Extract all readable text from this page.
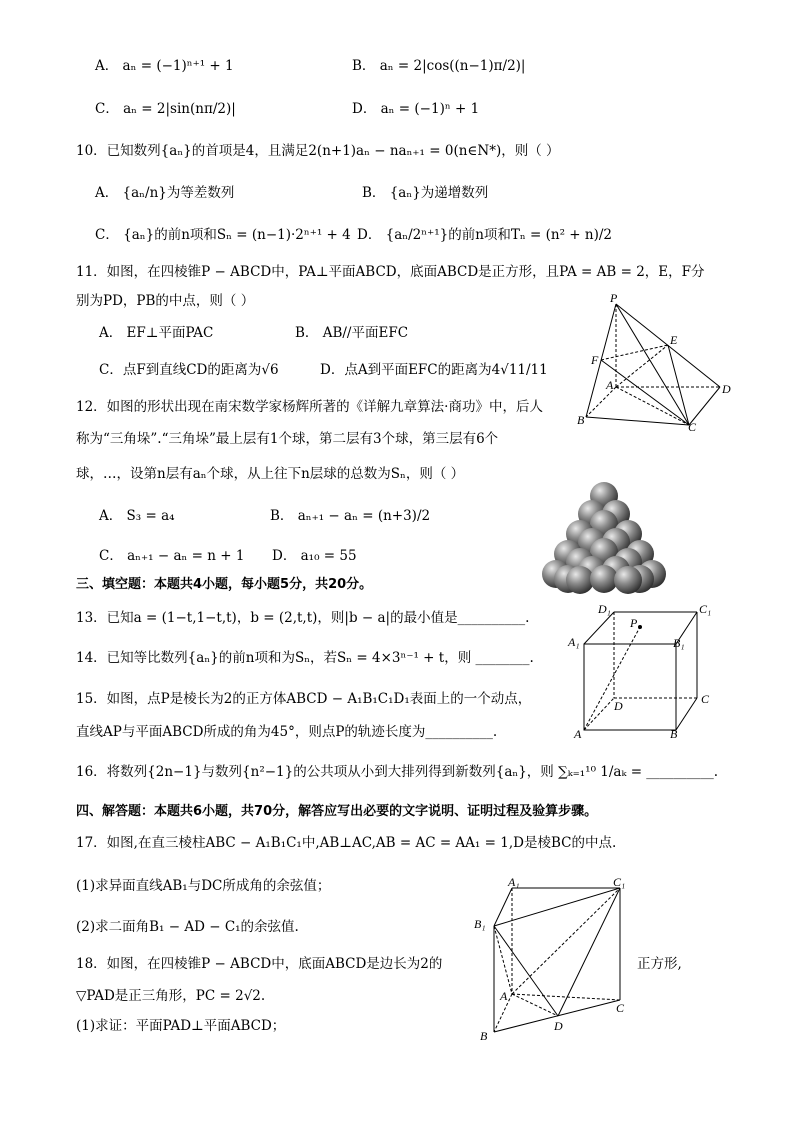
A． aₙ = (−1)ⁿ⁺¹ + 1	B． aₙ = 2|cos((n−1)π/2)|
C． aₙ = 2|sin(nπ/2)|	D． aₙ = (−1)ⁿ + 1
10．已知数列{aₙ}的首项是4，且满足2(n+1)aₙ − naₙ₊₁ = 0(n∈N*)，则（ ）
A． {aₙ/n}为等差数列	B． {aₙ}为递增数列
C． {aₙ}的前n项和Sₙ = (n−1)·2ⁿ⁺¹ + 4 D． {aₙ/2ⁿ⁺¹}的前n项和Tₙ = (n² + n)/2
11．如图，在四棱锥P − ABCD中，PA⊥平面ABCD，底面ABCD是正方形，且PA = AB = 2，E，F分
别为PD，PB的中点，则（ ）
A． EF⊥平面PAC	B． AB//平面EFC
C．点F到直线CD的距离为√6	D．点A到平面EFC的距离为4√11/11
P
E
F
A
B	C
D
12．如图的形状出现在南宋数学家杨辉所著的《详解九章算法·商功》中，后人
称为“三角垛”.“三角垛”最上层有1个球，第二层有3个球，第三层有6个
球，…，设第n层有aₙ个球，从上往下n层球的总数为Sₙ，则（ ）
A． S₃ = a₄	B． aₙ₊₁ − aₙ = (n+3)/2
C． aₙ₊₁ − aₙ = n + 1 D． a₁₀ = 55
三、填空题：本题共4小题，每小题5分，共20分。
13．已知a = (1−t,1−t,t)，b = (2,t,t)，则|b − a|的最小值是__________.
D₁	C₁
A₁	B₁
P
D	C
A	B
14．已知等比数列{aₙ}的前n项和为Sₙ，若Sₙ = 4×3ⁿ⁻¹ + t，则 ________.
15．如图，点P是棱长为2的正方体ABCD − A₁B₁C₁D₁表面上的一个动点，
直线AP与平面ABCD所成的角为45°，则点P的轨迹长度为__________.
16．将数列{2n−1}与数列{n²−1}的公共项从小到大排列得到新数列{aₙ}，则 ∑ₖ₌₁¹⁰ 1/aₖ = __________.
四、解答题：本题共6小题，共70分，解答应写出必要的文字说明、证明过程及验算步骤。
17．如图,在直三棱柱ABC − A₁B₁C₁中,AB⊥AC,AB = AC = AA₁ = 1,D是棱BC的中点.
(1)求异面直线AB₁与DC所成角的余弦值；
(2)求二面角B₁ − AD − C₁的余弦值.
18．如图，在四棱锥P − ABCD中，底面ABCD是边长为2的	正方形,
▽PAD是正三角形，PC = 2√2.
(1)求证：平面PAD⊥平面ABCD；
A₁	C₁
B₁
A
B
C
D
